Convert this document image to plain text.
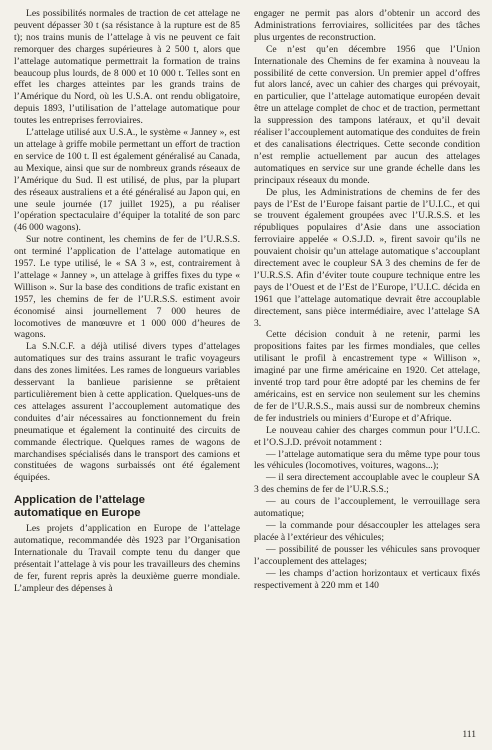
Les possibilités normales de traction de cet attelage ne peuvent dépasser 30 t (sa résistance à la rupture est de 85 t); nos trains munis de l’attelage à vis ne peuvent ce fait remorquer des charges supérieures à 2 500 t, alors que l’attelage automatique permettrait la formation de trains beaucoup plus lourds, de 8 000 et 10 000 t. Telles sont en effet les charges atteintes par les grands trains de l’Amérique du Nord, où les U.S.A. ont rendu obligatoire, depuis 1893, l’utilisation de l’attelage automatique pour toutes les entreprises ferroviaires.

L’attelage utilisé aux U.S.A., le système « Janney », est un attelage à griffe mobile permettant un effort de traction en service de 100 t. Il est également généralisé au Canada, au Mexique, ainsi que sur de nombreux grands réseaux de l’Amérique du Sud. Il est utilisé, de plus, par la plupart des réseaux australiens et a été généralisé au Japon qui, en une seule journée (17 juillet 1925), a pu réaliser l’opération spectaculaire d’équiper la totalité de son parc (46 000 wagons).

Sur notre continent, les chemins de fer de l’U.R.S.S. ont terminé l’application de l’attelage automatique en 1957. Le type utilisé, le « SA 3 », est, contrairement à l’attelage « Janney », un attelage à griffes fixes du type « Willison ». Sur la base des conditions de trafic existant en 1957, les chemins de fer de l’U.R.S.S. estiment avoir économisé ainsi journellement 7 000 heures de locomotives de manœuvre et 1 000 000 d’heures de wagons.

La S.N.C.F. a déjà utilisé divers types d’attelages automatiques sur des trains assurant le trafic voyageurs dans des zones limitées. Les rames de longueurs variables desservant la banlieue parisienne se prêtaient particulièrement bien à cette application. Quelques-uns de ces attelages assurent l’accouplement automatique des conduites d’air nécessaires au fonctionnement du frein pneumatique et également la continuité des circuits de commande électrique. Quelques rames de wagons de marchandises spécialisés dans le transport des camions et constituées de wagons surbaissés ont été également équipées.

Application de l’attelage
automatique en Europe

Les projets d’application en Europe de l’attelage automatique, recommandée dès 1923 par l’Organisation Internationale du Travail compte tenu du danger que présentait l’attelage à vis pour les travailleurs des chemins de fer, furent repris après la deuxième guerre mondiale. L’ampleur des dépenses à

engager ne permit pas alors d’obtenir un accord des Administrations ferroviaires, sollicitées par des tâches plus urgentes de reconstruction.

Ce n’est qu’en décembre 1956 que l’Union Internationale des Chemins de fer examina à nouveau la possibilité de cette conversion. Un premier appel d’offres fut alors lancé, avec un cahier des charges qui prévoyait, en particulier, que l’attelage automatique européen devait être un attelage complet de choc et de traction, permettant la suppression des tampons latéraux, et qu’il devait réaliser l’accouplement automatique des conduites de frein et des canalisations électriques. Cette seconde condition n’est remplie actuellement par aucun des attelages automatiques en service sur une grande échelle dans les principaux réseaux du monde.

De plus, les Administrations de chemins de fer des pays de l’Est de l’Europe faisant partie de l’U.I.C., et qui se trouvent également groupées avec l’U.R.S.S. et les républiques populaires d’Asie dans une association ferroviaire appelée « O.S.J.D. », firent savoir qu’ils ne pouvaient choisir qu’un attelage automatique s’accouplant directement avec le coupleur SA 3 des chemins de fer de l’U.R.S.S. Afin d’éviter toute coupure technique entre les pays de l’Ouest et de l’Est de l’Europe, l’U.I.C. décida en 1961 que l’attelage automatique devrait être accouplable directement, sans pièce intermédiaire, avec l’attelage SA 3.

Cette décision conduit à ne retenir, parmi les propositions faites par les firmes mondiales, que celles utilisant le profil à encastrement type « Willison », imaginé par une firme américaine en 1920. Cet attelage, inventé trop tard pour être adopté par les chemins de fer américains, est en service non seulement sur les chemins de fer de l’U.R.S.S., mais aussi sur de nombreux chemins de fer industriels ou miniers d’Europe et d’Afrique.

Le nouveau cahier des charges commun pour l’U.I.C. et l’O.S.J.D. prévoit notamment :

— l’attelage automatique sera du même type pour tous les véhicules (locomotives, voitures, wagons...);
— il sera directement accouplable avec le coupleur SA 3 des chemins de fer de l’U.R.S.S.;
— au cours de l’accouplement, le verrouillage sera automatique;
— la commande pour désaccoupler les attelages sera placée à l’extérieur des véhicules;
— possibilité de pousser les véhicules sans provoquer l’accouplement des attelages;
— les champs d’action horizontaux et verticaux fixés respectivement à 220 mm et 140
111
